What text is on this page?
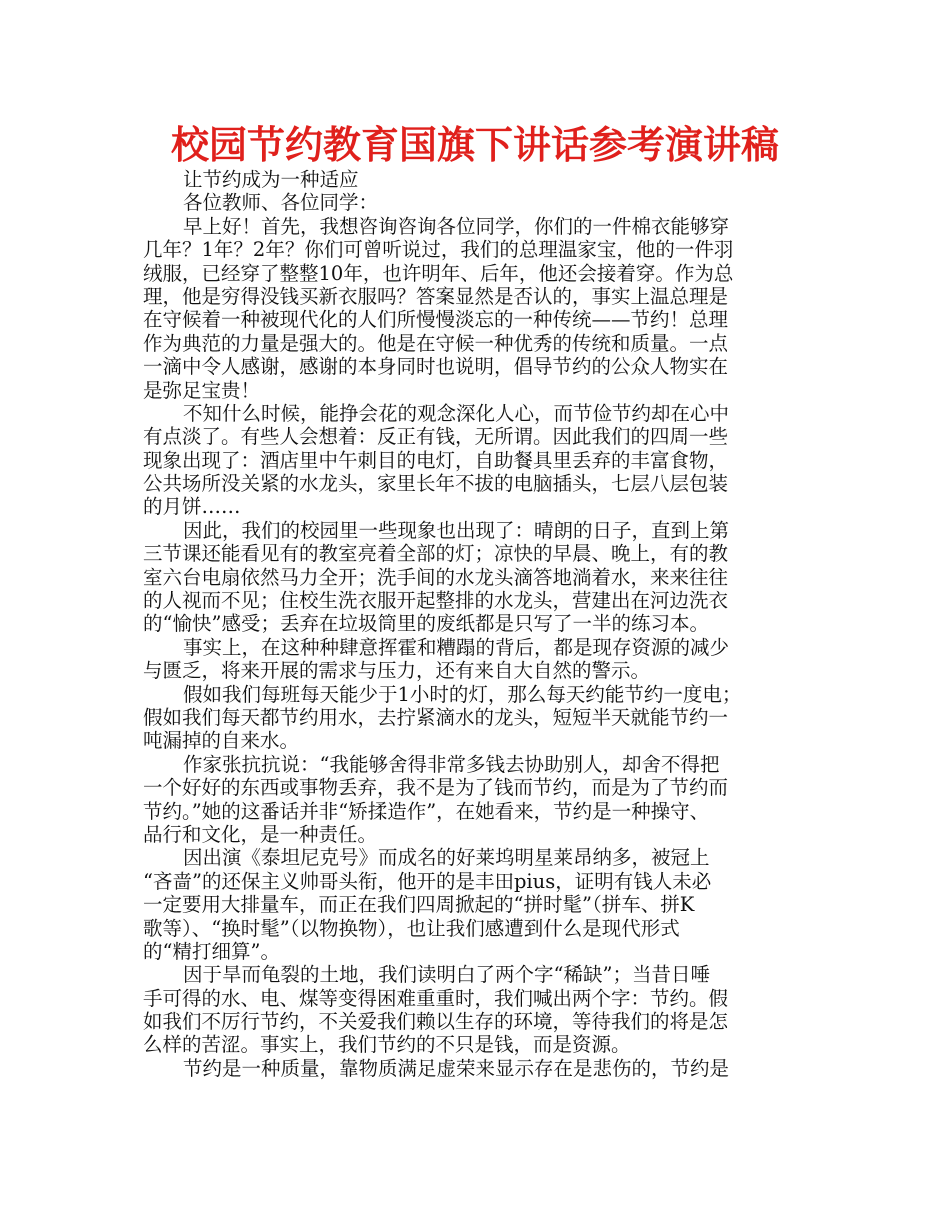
校园节约教育国旗下讲话参考演讲稿
让节约成为一种适应
各位教师、各位同学：
早上好！首先，我想咨询咨询各位同学，你们的一件棉衣能够穿
几年？1年？2年？你们可曾听说过，我们的总理温家宝，他的一件羽
绒服，已经穿了整整10年，也许明年、后年，他还会接着穿。作为总
理，他是穷得没钱买新衣服吗？答案显然是否认的，事实上温总理是
在守候着一种被现代化的人们所慢慢淡忘的一种传统——节约！总理
作为典范的力量是强大的。他是在守候一种优秀的传统和质量。一点
一滴中令人感谢，感谢的本身同时也说明，倡导节约的公众人物实在
是弥足宝贵！
不知什么时候，能挣会花的观念深化人心，而节俭节约却在心中
有点淡了。有些人会想着：反正有钱，无所谓。因此我们的四周一些
现象出现了：酒店里中午刺目的电灯，自助餐具里丢弃的丰富食物，
公共场所没关紧的水龙头，家里长年不拔的电脑插头，七层八层包装
的月饼……
因此，我们的校园里一些现象也出现了：晴朗的日子，直到上第
三节课还能看见有的教室亮着全部的灯；凉快的早晨、晚上，有的教
室六台电扇依然马力全开；洗手间的水龙头滴答地淌着水，来来往往
的人视而不见；住校生洗衣服开起整排的水龙头，营建出在河边洗衣
的“愉快”感受；丢弃在垃圾筒里的废纸都是只写了一半的练习本。
事实上，在这种种肆意挥霍和糟蹋的背后，都是现存资源的减少
与匮乏，将来开展的需求与压力，还有来自大自然的警示。
假如我们每班每天能少于1小时的灯，那么每天约能节约一度电；
假如我们每天都节约用水，去拧紧滴水的龙头，短短半天就能节约一
吨漏掉的自来水。
作家张抗抗说：“我能够舍得非常多钱去协助别人，却舍不得把
一个好好的东西或事物丢弃，我不是为了钱而节约，而是为了节约而
节约。”她的这番话并非“矫揉造作”，在她看来，节约是一种操守、
品行和文化，是一种责任。
因出演《泰坦尼克号》而成名的好莱坞明星莱昂纳多，被冠上
“吝啬”的还保主义帅哥头衔，他开的是丰田pius，证明有钱人未必
一定要用大排量车，而正在我们四周掀起的“拼时髦”（拼车、拼K
歌等）、“换时髦”（以物换物），也让我们感遭到什么是现代形式
的“精打细算”。
因于旱而龟裂的土地，我们读明白了两个字“稀缺”；当昔日唾
手可得的水、电、煤等变得困难重重时，我们喊出两个字：节约。假
如我们不厉行节约，不关爱我们赖以生存的环境，等待我们的将是怎
么样的苦涩。事实上，我们节约的不只是钱，而是资源。
节约是一种质量，靠物质满足虚荣来显示存在是悲伤的，节约是
